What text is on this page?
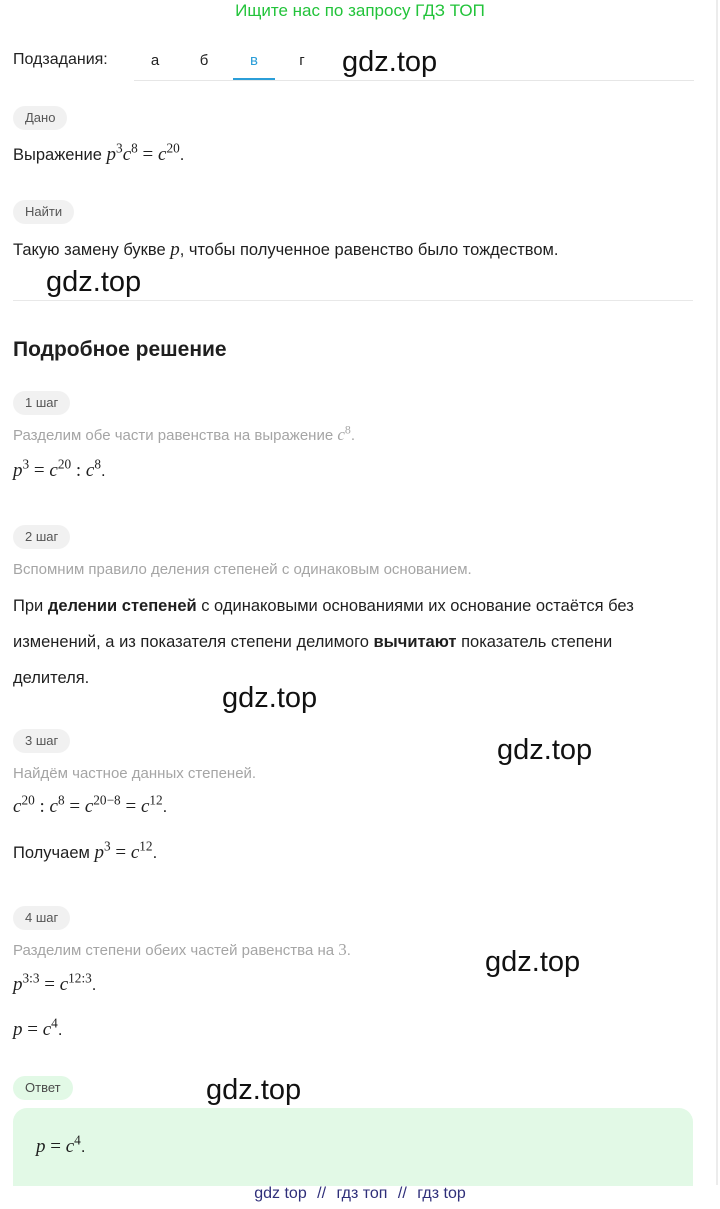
Ищите нас по запросу ГДЗ ТОП
Подзадания:	а	б	в	г	gdz.top
Дано
Выражение $p^3c^8 = c^{20}$.
Найти
Такую замену букве p, чтобы полученное равенство было тождеством.
gdz.top
Подробное решение
1 шаг
Разделим обе части равенства на выражение $c^8$.
$p^3 = c^{20}$ : $c^8$.
2 шаг
Вспомним правило деления степеней с одинаковым основанием.
При делении степеней с одинаковыми основаниями их основание остаётся без изменений, а из показателя степени делимого вычитают показатель степени делителя.
gdz.top
3 шаг	gdz.top
Найдём частное данных степеней.
$c^{20}$ : $c^8 = c^{20-8} = c^{12}$.
Получаем $p^3 = c^{12}$.
4 шаг
Разделим степени обеих частей равенства на 3.	gdz.top
$p^{3:3} = c^{12:3}$.
$p = c^4$.
Ответ	gdz.top
$p = c^4$.
gdz top // гдз топ // гдз top
